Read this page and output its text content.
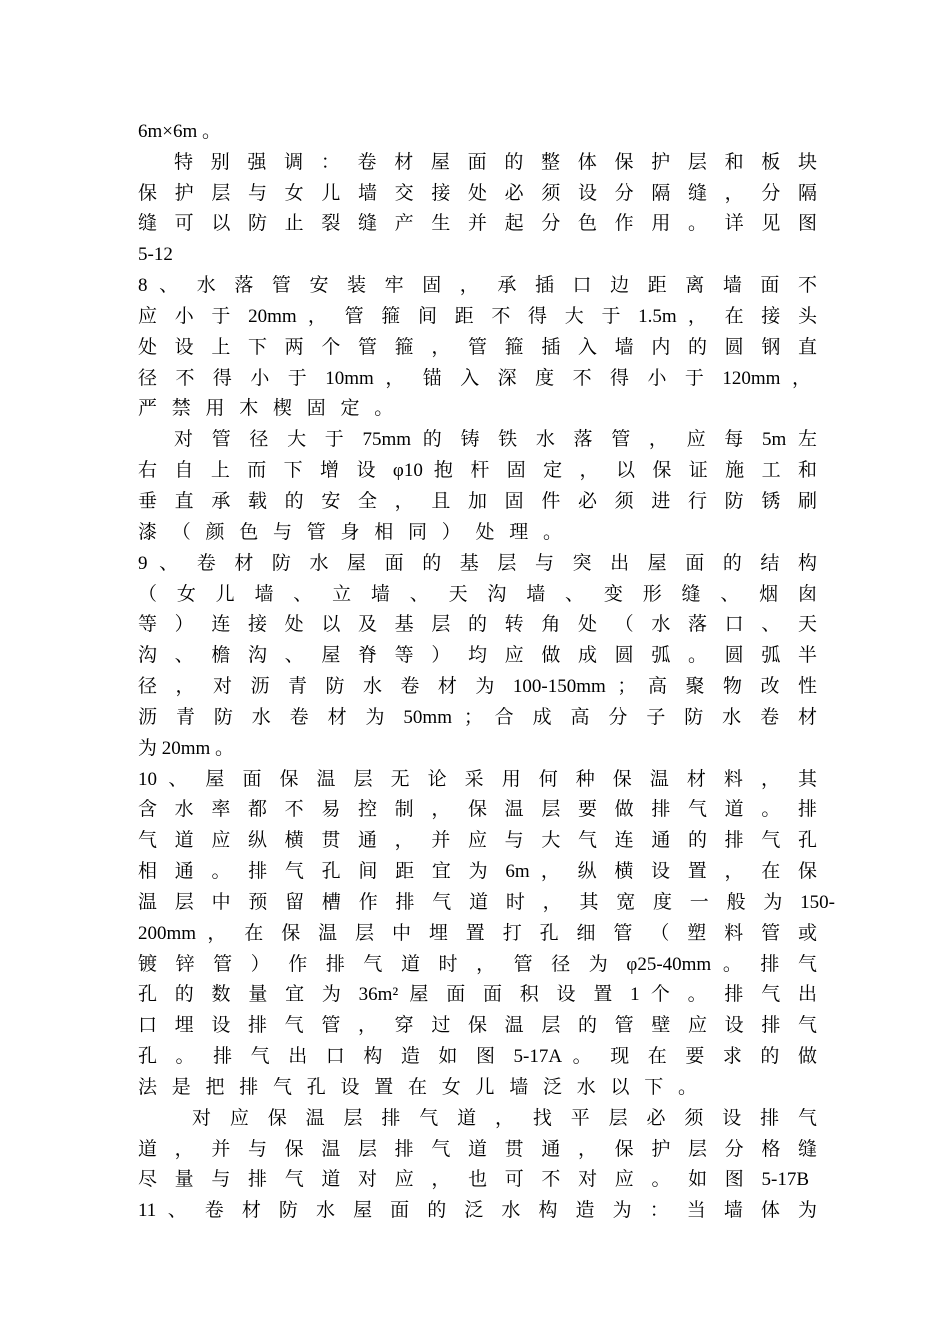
6m×6m 。
特 别 强 调 ： 卷 材 屋 面 的 整 体 保 护 层 和 板 块
保 护 层 与 女 儿 墙 交 接 处 必 须 设 分 隔 缝 ， 分 隔
缝 可 以 防 止 裂 缝 产 生 并 起 分 色 作 用 。 详 见 图
5-12
8 、 水 落 管 安 装 牢 固 ， 承 插 口 边 距 离 墙 面 不
应 小 于 20mm ， 管 箍 间 距 不 得 大 于 1.5m ， 在 接 头
处 设 上 下 两 个 管 箍 ， 管 箍 插 入 墙 内 的 圆 钢 直
径 不 得 小 于 10mm ， 锚 入 深 度 不 得 小 于 120mm ，
严 禁 用 木 楔 固 定 。
对 管 径 大 于 75mm 的 铸 铁 水 落 管 ， 应 每 5m 左
右 自 上 而 下 增 设 φ10 抱 杆 固 定 ， 以 保 证 施 工 和
垂 直 承 载 的 安 全 ， 且 加 固 件 必 须 进 行 防 锈 刷
漆 （ 颜 色 与 管 身 相 同 ） 处 理 。
9 、 卷 材 防 水 屋 面 的 基 层 与 突 出 屋 面 的 结 构
（ 女 儿 墙 、 立 墙 、 天 沟 墙 、 变 形 缝 、 烟 囱
等 ） 连 接 处 以 及 基 层 的 转 角 处 （ 水 落 口 、 天
沟 、 檐 沟 、 屋 脊 等 ） 均 应 做 成 圆 弧 。 圆 弧 半
径 ， 对 沥 青 防 水 卷 材 为 100-150mm ； 高 聚 物 改 性
沥 青 防 水 卷 材 为 50mm ； 合 成 高 分 子 防 水 卷 材
为 20mm 。
10 、 屋 面 保 温 层 无 论 采 用 何 种 保 温 材 料 ， 其
含 水 率 都 不 易 控 制 ， 保 温 层 要 做 排 气 道 。 排
气 道 应 纵 横 贯 通 ， 并 应 与 大 气 连 通 的 排 气 孔
相 通 。 排 气 孔 间 距 宜 为 6m ， 纵 横 设 置 ， 在 保
温 层 中 预 留 槽 作 排 气 道 时 ， 其 宽 度 一 般 为 150-
200mm ， 在 保 温 层 中 埋 置 打 孔 细 管 （ 塑 料 管 或
镀 锌 管 ） 作 排 气 道 时 ， 管 径 为 φ25-40mm 。 排 气
孔 的 数 量 宜 为 36m² 屋 面 面 积 设 置 1 个 。 排 气 出
口 埋 设 排 气 管 ， 穿 过 保 温 层 的 管 壁 应 设 排 气
孔 。 排 气 出 口 构 造 如 图 5-17A 。 现 在 要 求 的 做
法 是 把 排 气 孔 设 置 在 女 儿 墙 泛 水 以 下 。
对 应 保 温 层 排 气 道 ， 找 平 层 必 须 设 排 气
道 ， 并 与 保 温 层 排 气 道 贯 通 ， 保 护 层 分 格 缝
尽 量 与 排 气 道 对 应 ， 也 可 不 对 应 。 如 图 5-17B
11 、 卷 材 防 水 屋 面 的 泛 水 构 造 为 ： 当 墙 体 为
